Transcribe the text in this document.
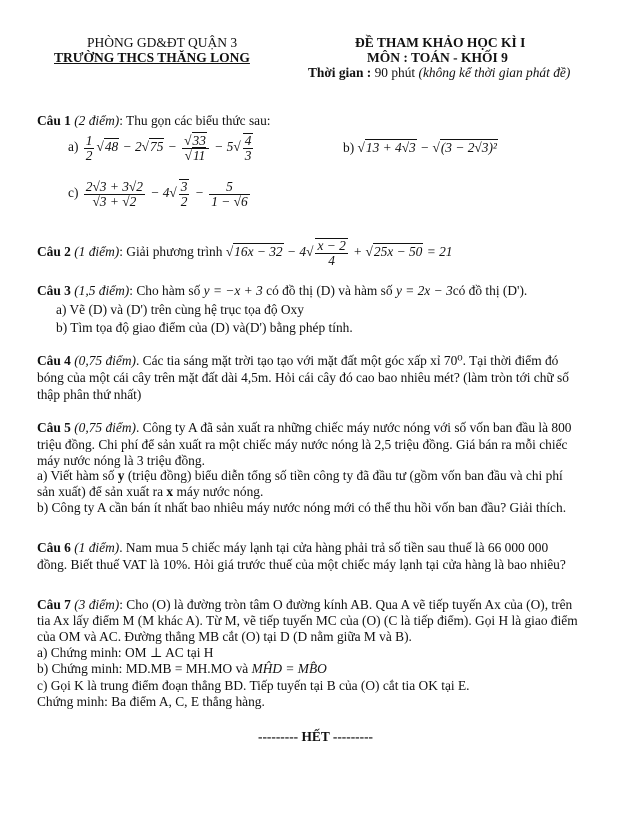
PHÒNG GD&ĐT QUẬN 3
TRƯỜNG THCS THĂNG LONG
ĐỀ THAM KHẢO HỌC KÌ I
MÔN : TOÁN - KHỐI 9
Thời gian : 90 phút (không kể thời gian phát đề)
Câu 1 (2 điểm): Thu gọn các biểu thức sau:
$a) \frac{1}{2} √48 - 2√75 - \frac{√33}{√11} - 5√ \frac{4}{3}$	b) √13 + 4√3 − √(3 − 2√3)²
$c) \frac{2√3 + 3√2}{√3 + √2} - 4√ \frac{3}{2} - \frac{5}{1 - √6}$
Câu 2 (1 điểm): Giải phương trình $√16x - 32 - 4√ \frac{x - 2}{4} + √25x - 50 = 21$
Câu 3 (1,5 điểm): Cho hàm số y = −x + 3 có đồ thị (D) và hàm số y = 2x − 3có đồ thị (D').
a) Vẽ (D) và (D') trên cùng hệ trục tọa độ Oxy
b) Tìm tọa độ giao điểm của (D) và(D') bằng phép tính.
Câu 4 (0,75 điểm). Các tia sáng mặt trời tạo tạo với mặt đất một góc xấp xỉ 70⁰. Tại thời điểm đó
bóng của một cái cây trên mặt đất dài 4,5m. Hỏi cái cây đó cao bao nhiêu mét? (làm tròn tới chữ số
thập phân thứ nhất)
Câu 5 (0,75 điểm). Công ty A đã sản xuất ra những chiếc máy nước nóng với số vốn ban đầu là 800
triệu đồng. Chi phí để sản xuất ra một chiếc máy nước nóng là 2,5 triệu đồng. Giá bán ra mỗi chiếc
máy nước nóng là 3 triệu đồng.
a) Viết hàm số y (triệu đồng) biểu diễn tổng số tiền công ty đã đầu tư (gồm vốn ban đầu và chi phí
sản xuất) để sản xuất ra x máy nước nóng.
b) Công ty A cần bán ít nhất bao nhiêu máy nước nóng mới có thể thu hồi vốn ban đầu? Giải thích.
Câu 6 (1 điểm). Nam mua 5 chiếc máy lạnh tại cửa hàng phải trả số tiền sau thuế là 66 000 000
đồng. Biết thuế VAT là 10%. Hỏi giá trước thuế của một chiếc máy lạnh tại cửa hàng là bao nhiêu?
Câu 7 (3 điểm): Cho (O) là đường tròn tâm O đường kính AB. Qua A vẽ tiếp tuyến Ax của (O), trên
tia Ax lấy điểm M (M khác A). Từ M, vẽ tiếp tuyến MC của (O) (C là tiếp điểm). Gọi H là giao điểm
của OM và AC. Đường thẳng MB cắt (O) tại D (D nằm giữa M và B).
a) Chứng minh: OM ⊥ AC tại H
b) Chứng minh: MD.MB = MH.MO và MĤD = MB̂O
c) Gọi K là trung điểm đoạn thẳng BD. Tiếp tuyến tại B của (O) cắt tia OK tại E.
Chứng minh: Ba điểm A, C, E thẳng hàng.
--------- HẾT ---------
